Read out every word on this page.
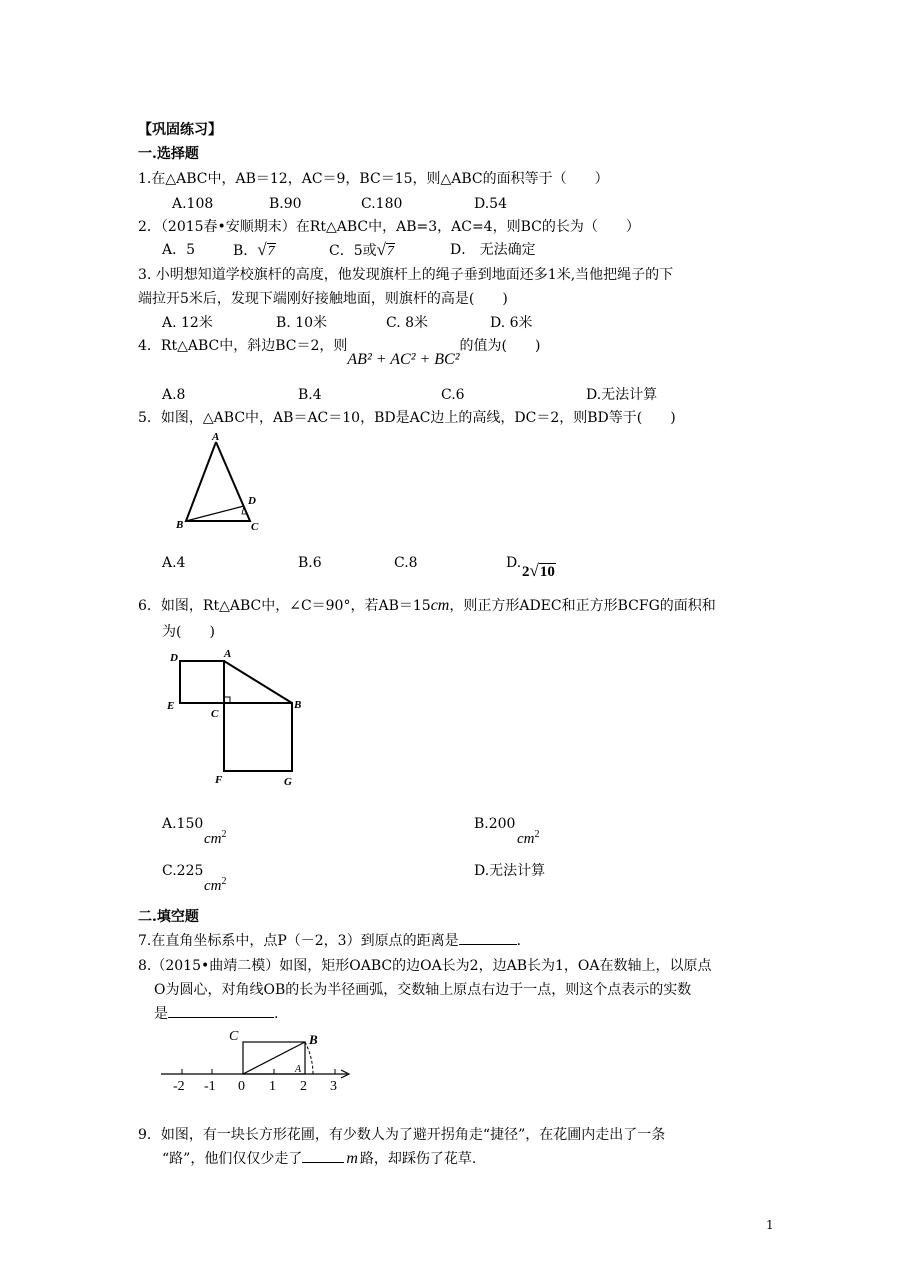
【巩固练习】
一.选择题
1.在△ABC中，AB＝12，AC＝9，BC＝15，则△ABC的面积等于（　　）
A.108	B.90	C.180	D.54
2．（2015春•安顺期末）在Rt△ABC中，AB=3，AC=4，则BC的长为（　　）
A．5	B．√7	C．5或√7	D． 无法确定
3. 小明想知道学校旗杆的高度，他发现旗杆上的绳子垂到地面还多1米,当他把绳子的下
端拉开5米后，发现下端刚好接触地面，则旗杆的高是(　　)
A. 12米	B. 10米	C. 8米	D. 6米
4．Rt△ABC中，斜边BC＝2，则AB² + AC² + BC²的值为(　　)
A.8	B.4	C.6	D.无法计算
5．如图，△ABC中，AB＝AC＝10，BD是AC边上的高线，DC＝2，则BD等于(　　)
A
B	C
D
A.4	B.6	C.8	D.
2√10
6．如图，Rt△ABC中，∠C＝90°，若AB＝15cm，则正方形ADEC和正方形BCFG的面积和
为(　　)
D	A
E
C
B
F	G
A.150
$cm^2$
B.200
$cm^2$
C.225
$cm^2$
D.无法计算
二.填空题
7.在直角坐标系中，点P（－2，3）到原点的距离是	.
8.（2015•曲靖二模）如图，矩形OABC的边OA长为2，边AB长为1，OA在数轴上，以原点
O为圆心，对角线OB的长为半径画弧，交数轴上原点右边于一点，则这个点表示的实数
是	.
C	B
A
-2 -1 0 1 2 3
9．如图，有一块长方形花圃，有少数人为了避开拐角走“捷径”，在花圃内走出了一条
“路”，他们仅仅少走了	m 路，却踩伤了花草.
1
